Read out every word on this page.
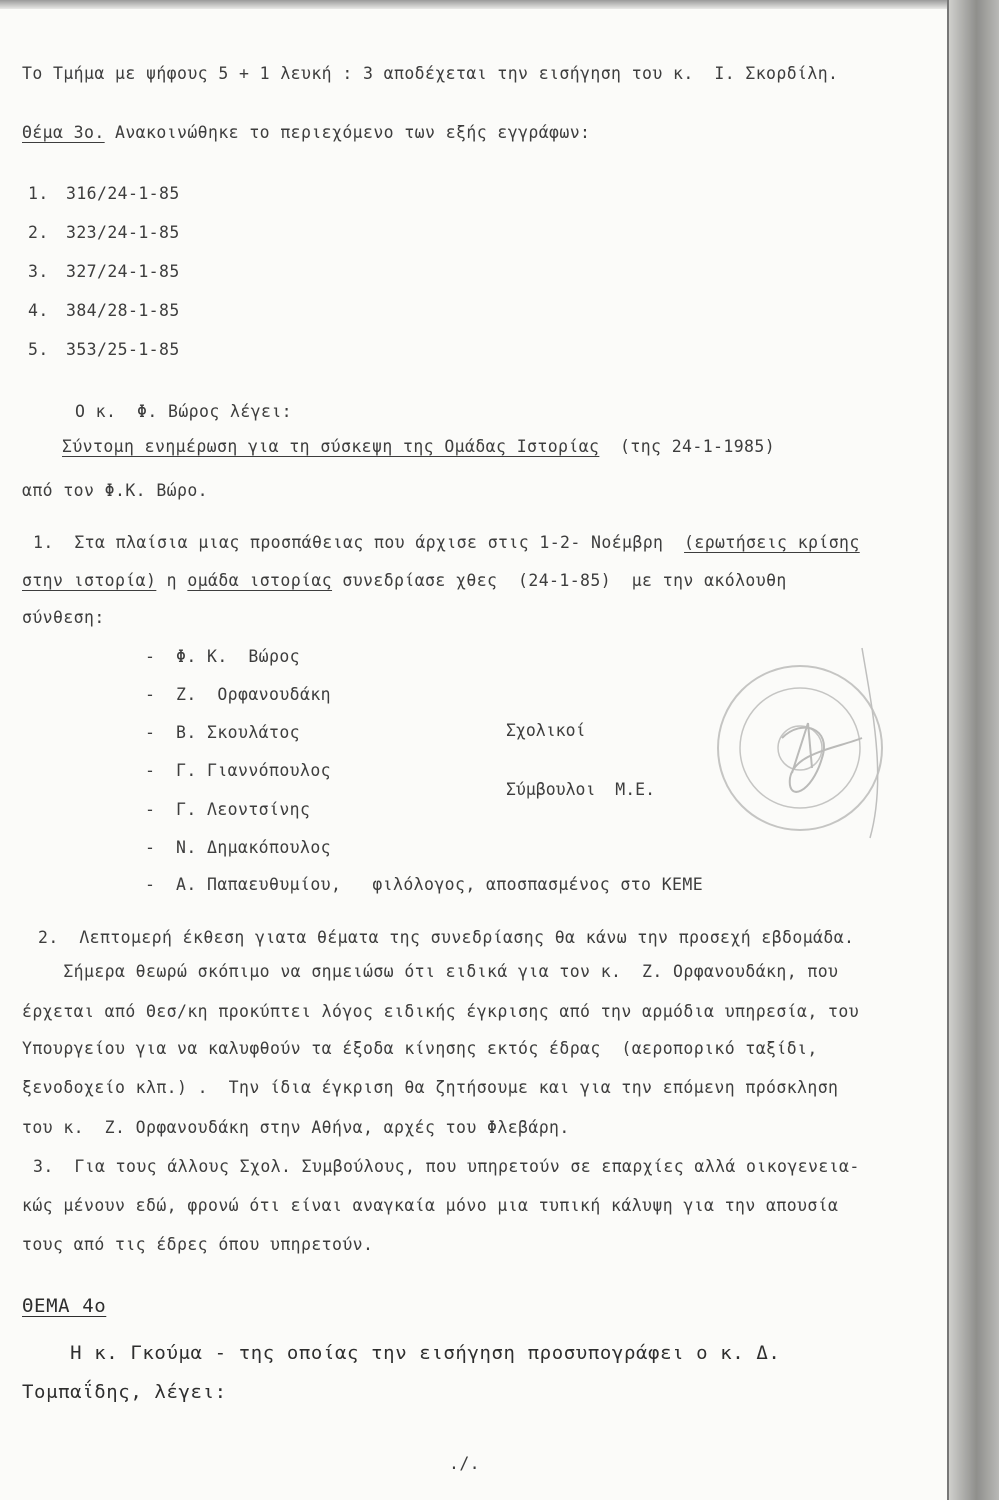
Το Τμήμα με ψήφους 5 + 1 λευκή : 3 αποδέχεται την εισήγηση του κ.  Ι. Σκορδίλη.
Θέμα 3ο. Ανακοινώθηκε το περιεχόμενο των εξής εγγράφων:
1. 316/24-1-85
2. 323/24-1-85
3. 327/24-1-85
4. 384/28-1-85
5. 353/25-1-85
Ο κ.  Φ. Βώρος λέγει:
Σύντομη ενημέρωση για τη σύσκεψη της Ομάδας Ιστορίας  (της 24-1-1985)
από τον Φ.Κ. Βώρο.
1.  Στα πλαίσια μιας προσπάθειας που άρχισε στις 1-2- Νοέμβρη  (ερωτήσεις κρίσης
στην ιστορία) η ομάδα ιστορίας συνεδρίασε χθες  (24-1-85)  με την ακόλουθη
σύνθεση:
-  Φ. Κ.  Βώρος
-  Ζ.  Ορφανουδάκη
-  Β. Σκουλάτος
-  Γ. Γιαννόπουλος
-  Γ. Λεοντσίνης
-  Ν. Δημακόπουλος
-  Α. Παπαευθυμίου,   φιλόλογος, αποσπασμένος στο ΚΕΜΕ
Σχολικοί
Σύμβουλοι  Μ.Ε.
2.  Λεπτομερή έκθεση γιατα θέματα της συνεδρίασης θα κάνω την προσεχή εβδομάδα.
Σήμερα θεωρώ σκόπιμο να σημειώσω ότι ειδικά για τον κ.  Ζ. Ορφανουδάκη, που
έρχεται από Θεσ/κη προκύπτει λόγος ειδικής έγκρισης από την αρμόδια υπηρεσία, του
Υπουργείου για να καλυφθούν τα έξοδα κίνησης εκτός έδρας  (αεροπορικό ταξίδι,
ξενοδοχείο κλπ.) .  Την ίδια έγκριση θα ζητήσουμε και για την επόμενη πρόσκληση
του κ.  Ζ. Ορφανουδάκη στην Αθήνα, αρχές του Φλεβάρη.
3.  Για τους άλλους Σχολ. Συμβούλους, που υπηρετούν σε επαρχίες αλλά οικογενεια-
κώς μένουν εδώ, φρονώ ότι είναι αναγκαία μόνο μια τυπική κάλυψη για την απουσία
τους από τις έδρες όπου υπηρετούν.
ΘΕΜΑ 4ο
Η κ. Γκούμα - της οποίας την εισήγηση προσυπογράφει ο κ. Δ.
Τομπαΐδης, λέγει:
./.
